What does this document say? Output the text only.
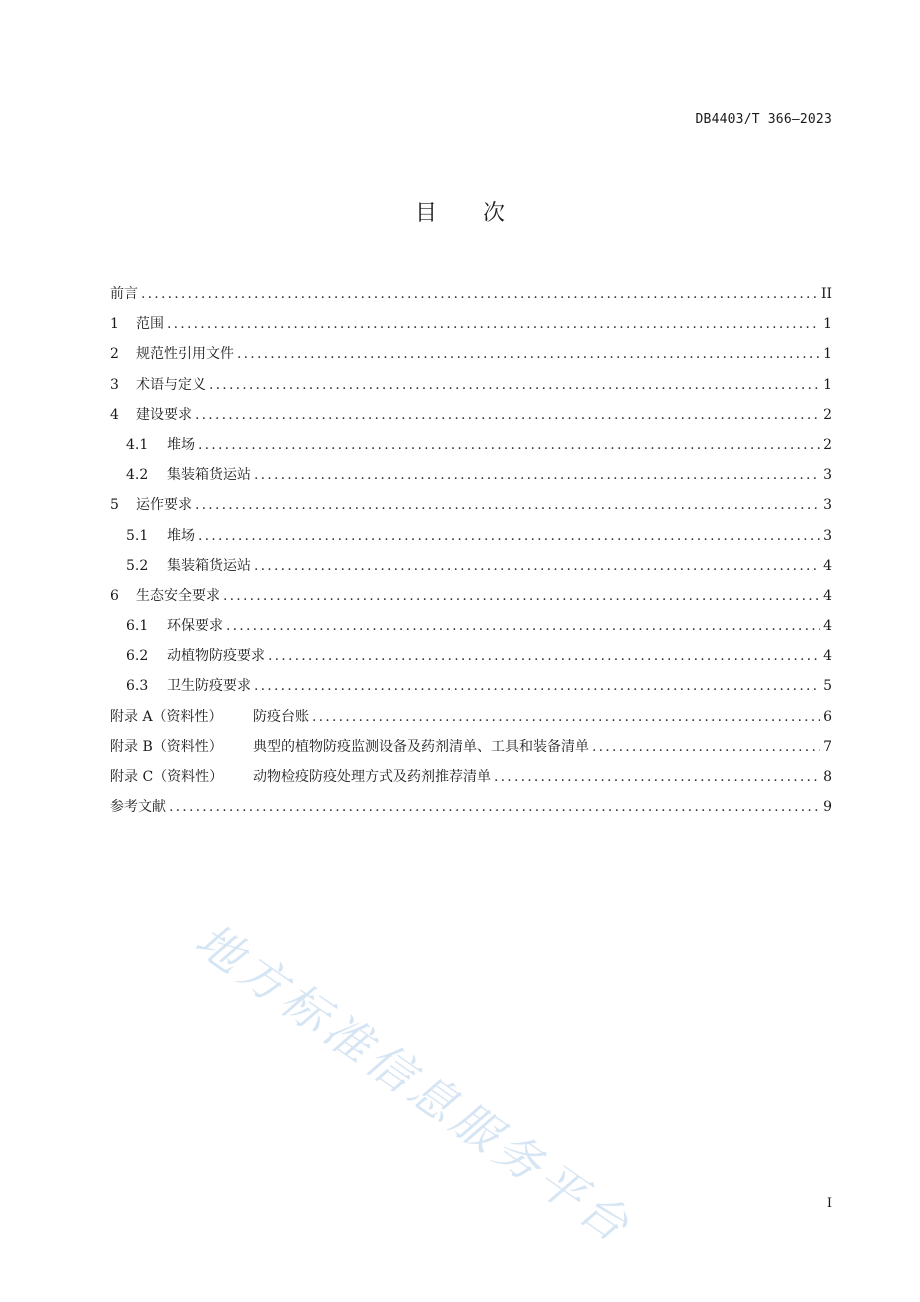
DB4403/T 366—2023
目次
前言 .....	II
1	范围 .....	1
2	规范性引用文件 .....	1
3	术语与定义 .....	1
4	建设要求 .....	2
4.1	堆场 .....	2
4.2	集装箱货运站 .....	3
5	运作要求 .....	3
5.1	堆场 .....	3
5.2	集装箱货运站 .....	4
6	生态安全要求 .....	4
6.1	环保要求 .....	4
6.2	动植物防疫要求 .....	4
6.3	卫生防疫要求 .....	5
附录 A（资料性）	防疫台账 .....	6
附录 B（资料性）	典型的植物防疫监测设备及药剂清单、工具和装备清单 .....	7
附录 C（资料性）	动物检疫防疫处理方式及药剂推荐清单 .....	8
参考文献 .....	9
地方标准信息服务平台	I
